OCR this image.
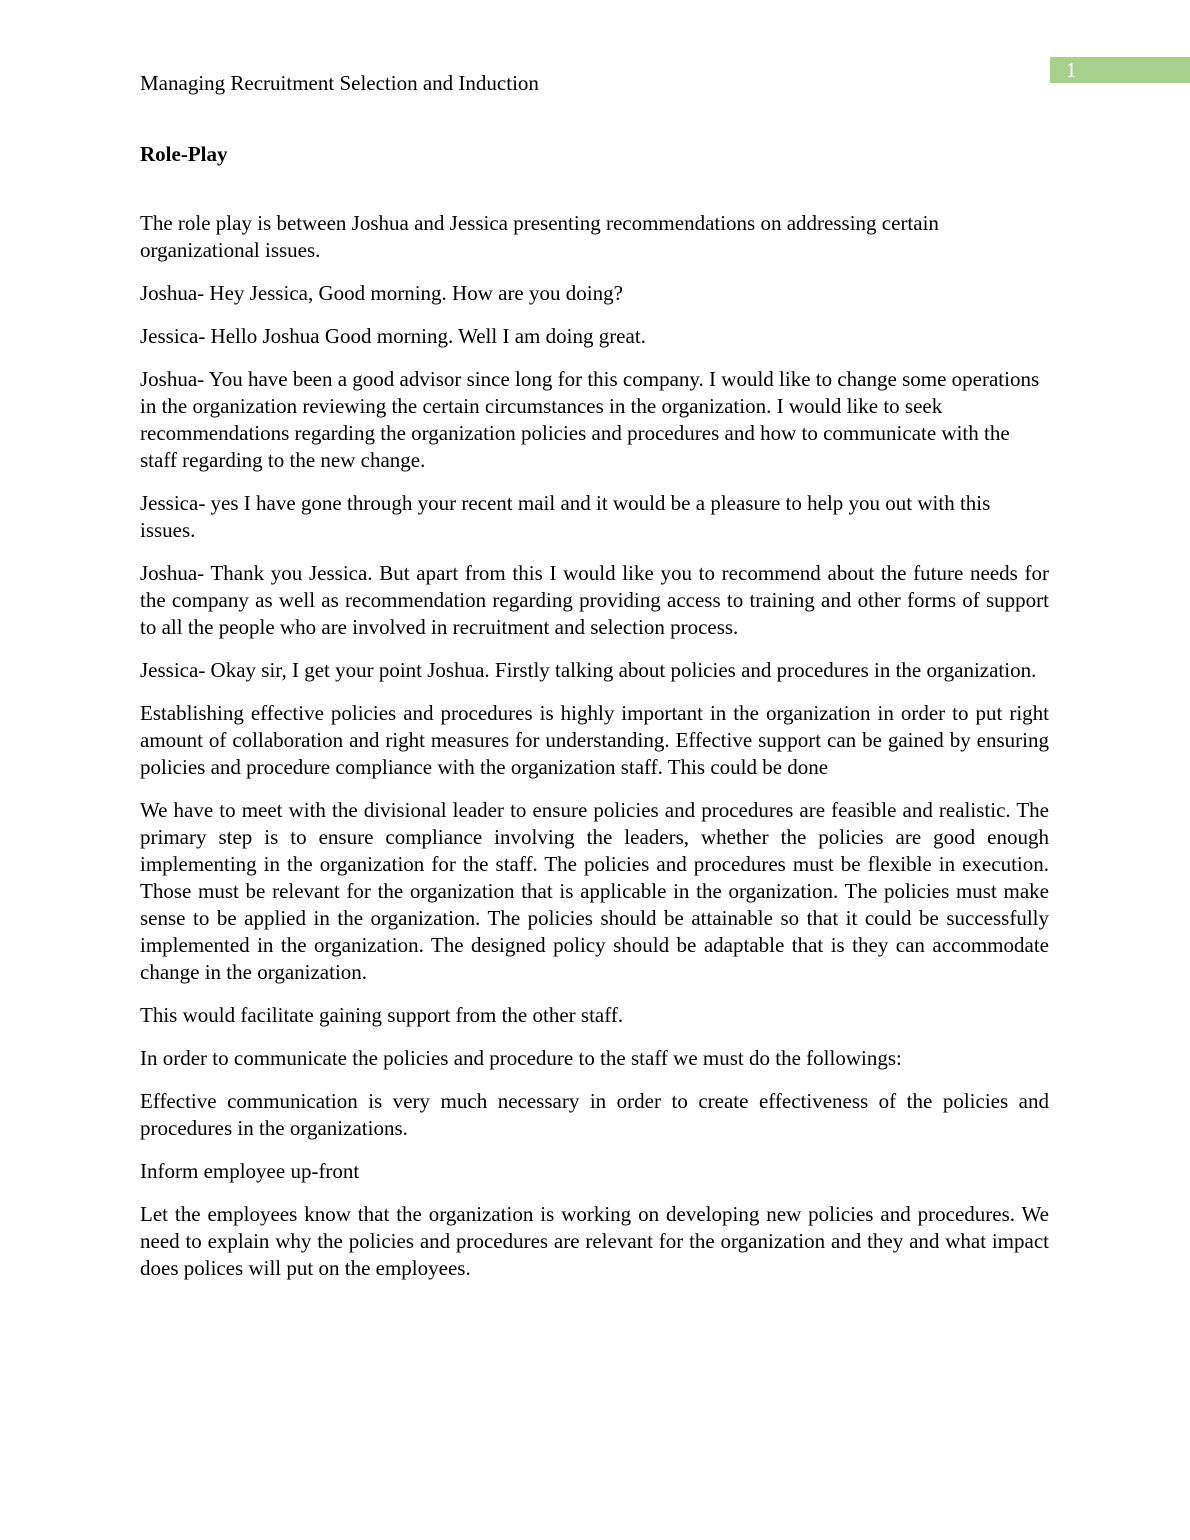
1
Managing Recruitment Selection and Induction
Role-Play

The role play is between Joshua and Jessica presenting recommendations on addressing certain organizational issues.

Joshua- Hey Jessica, Good morning. How are you doing?

Jessica- Hello Joshua Good morning. Well I am doing great.

Joshua- You have been a good advisor since long for this company. I would like to change some operations in the organization reviewing the certain circumstances in the organization. I would like to seek recommendations regarding the organization policies and procedures and how to communicate with the staff regarding to the new change.

Jessica- yes I have gone through your recent mail and it would be a pleasure to help you out with this issues.

Joshua- Thank you Jessica. But apart from this I would like you to recommend about the future needs for the company as well as recommendation regarding providing access to training and other forms of support to all the people who are involved in recruitment and selection process.

Jessica- Okay sir, I get your point Joshua. Firstly talking about policies and procedures in the organization.

Establishing effective policies and procedures is highly important in the organization in order to put right amount of collaboration and right measures for understanding. Effective support can be gained by ensuring policies and procedure compliance with the organization staff. This could be done

We have to meet with the divisional leader to ensure policies and procedures are feasible and realistic. The primary step is to ensure compliance involving the leaders, whether the policies are good enough implementing in the organization for the staff. The policies and procedures must be flexible in execution. Those must be relevant for the organization that is applicable in the organization. The policies must make sense to be applied in the organization. The policies should be attainable so that it could be successfully implemented in the organization. The designed policy should be adaptable that is they can accommodate change in the organization.

This would facilitate gaining support from the other staff.

In order to communicate the policies and procedure to the staff we must do the followings:

Effective communication is very much necessary in order to create effectiveness of the policies and procedures in the organizations.

Inform employee up-front

Let the employees know that the organization is working on developing new policies and procedures. We need to explain why the policies and procedures are relevant for the organization and they and what impact does polices will put on the employees.
